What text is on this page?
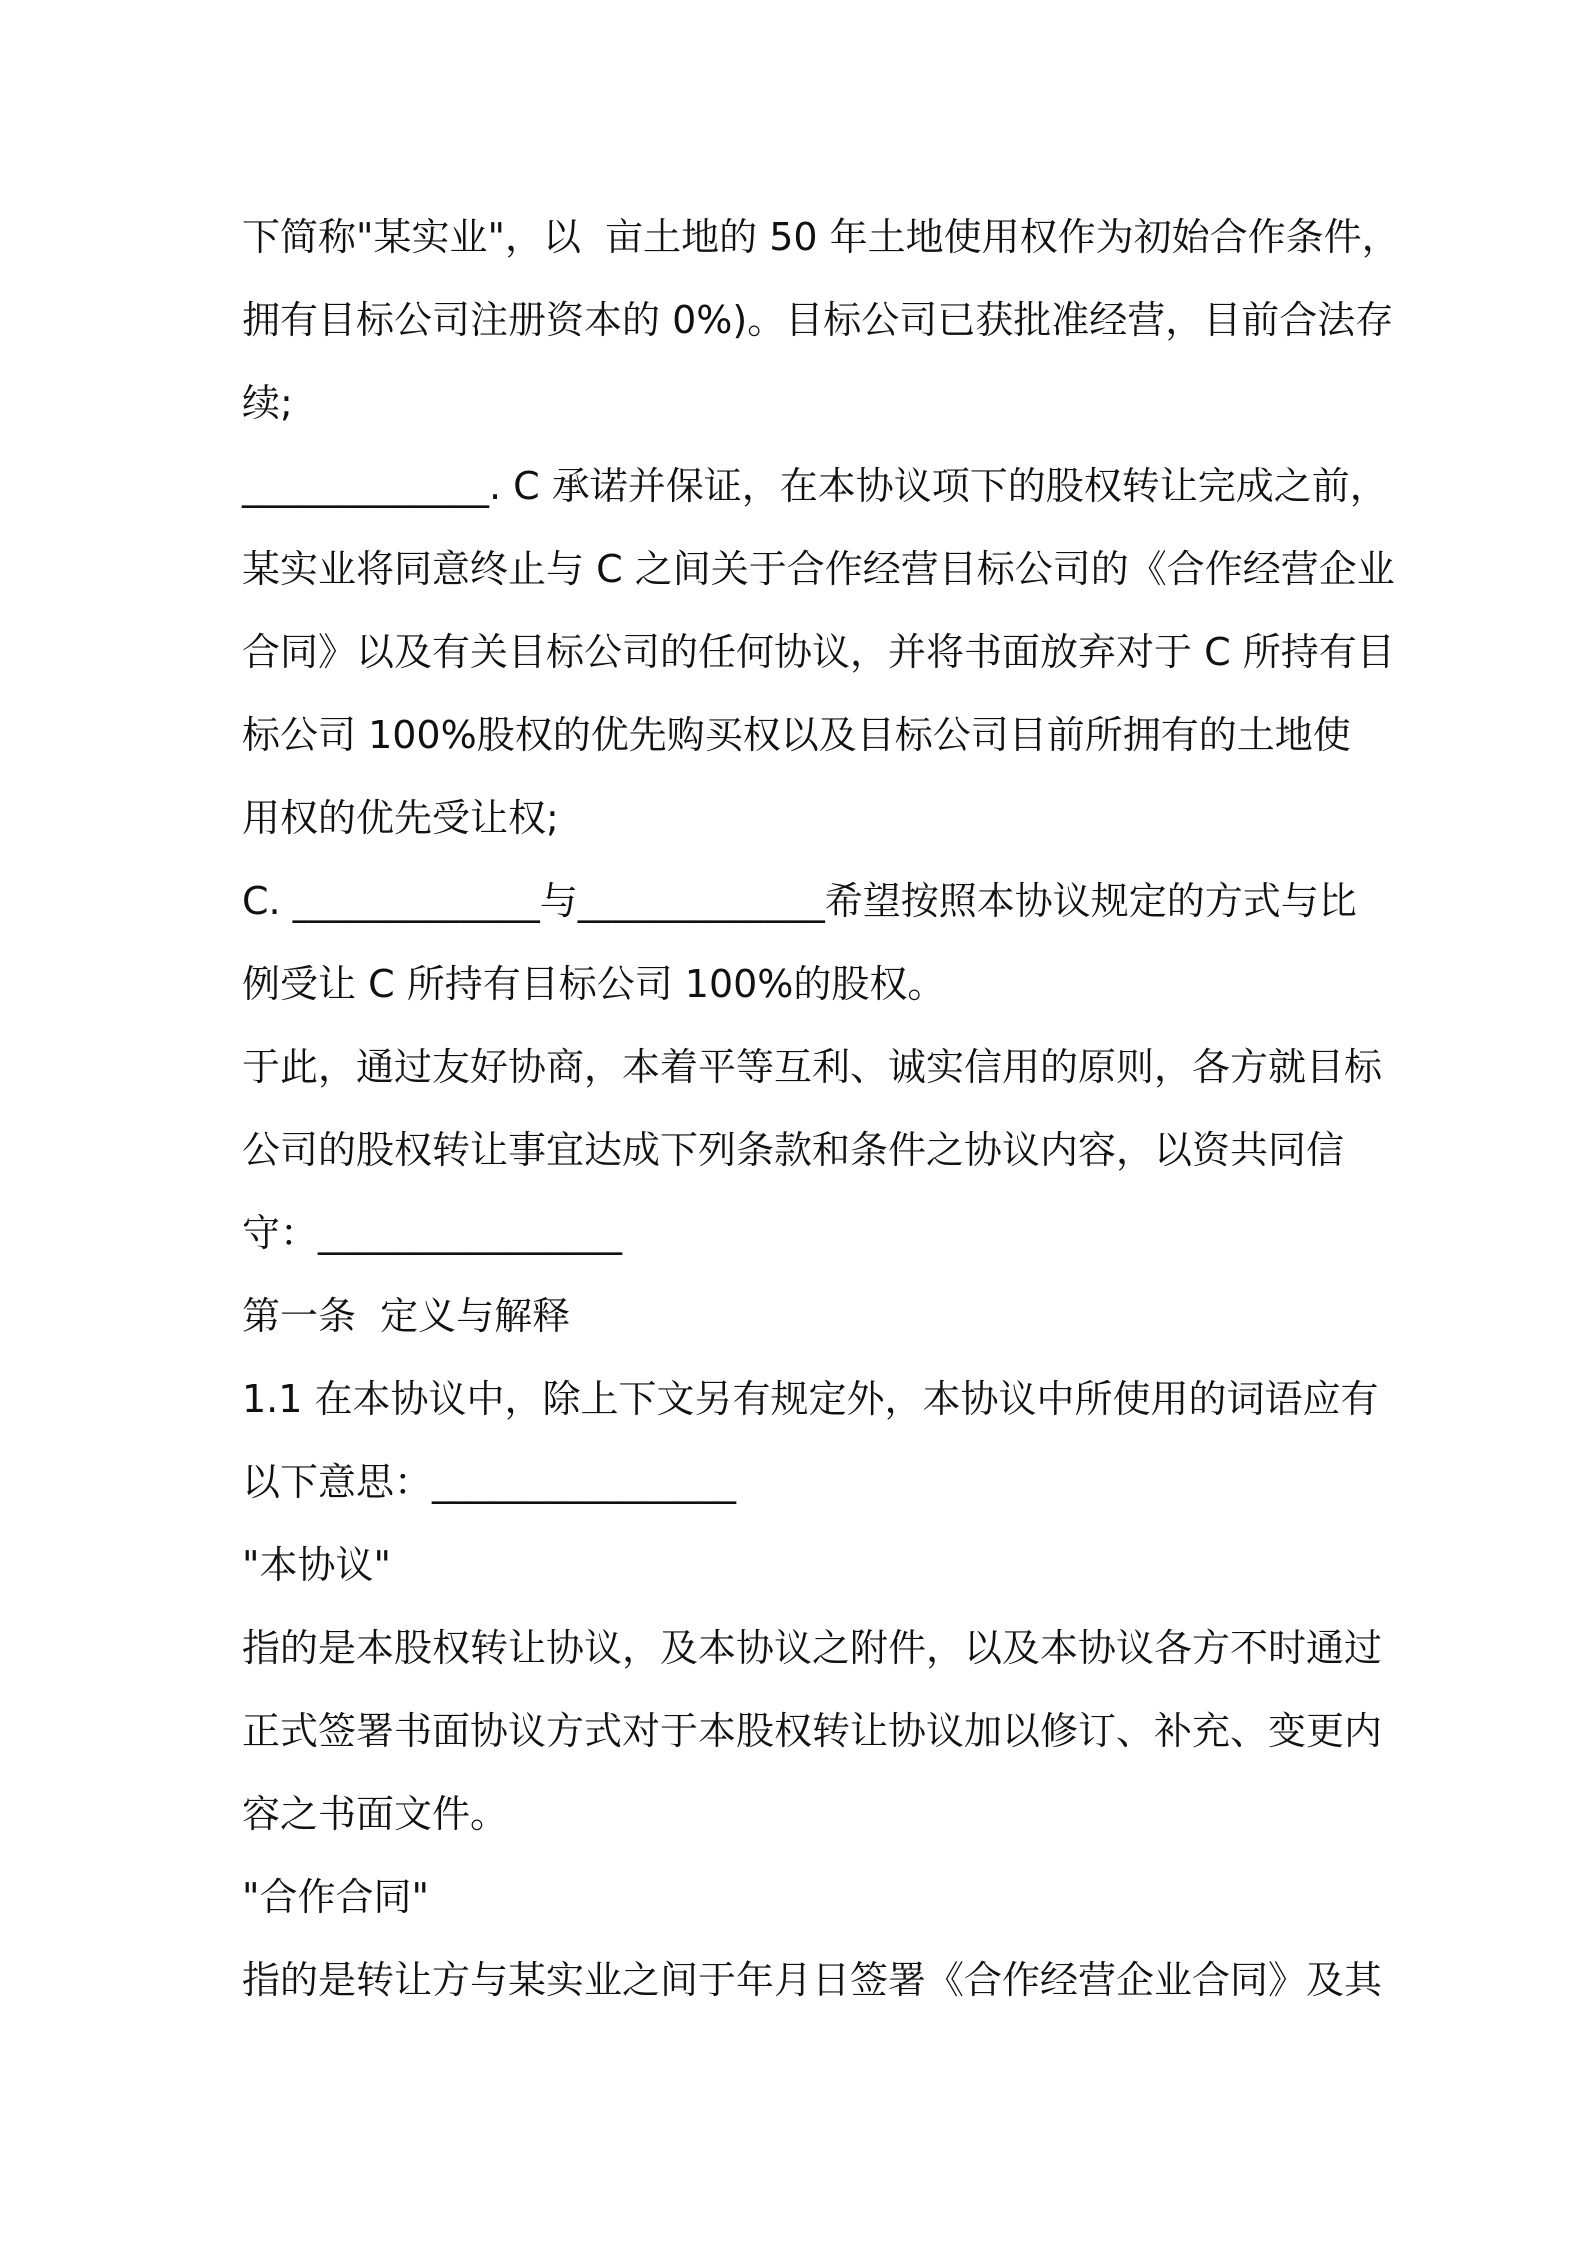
下简称"某实业"，以  亩土地的 50 年土地使用权作为初始合作条件，
拥有目标公司注册资本的 0%)。目标公司已获批准经营，目前合法存
续;
_____________. C 承诺并保证，在本协议项下的股权转让完成之前，
某实业将同意终止与 C 之间关于合作经营目标公司的《合作经营企业
合同》以及有关目标公司的任何协议，并将书面放弃对于 C 所持有目
标公司 100%股权的优先购买权以及目标公司目前所拥有的土地使
用权的优先受让权;
C. _____________与_____________希望按照本协议规定的方式与比
例受让 C 所持有目标公司 100%的股权。
于此，通过友好协商，本着平等互利、诚实信用的原则，各方就目标
公司的股权转让事宜达成下列条款和条件之协议内容，以资共同信
守：________________
第一条  定义与解释
1.1 在本协议中，除上下文另有规定外，本协议中所使用的词语应有
以下意思：________________
"本协议"
指的是本股权转让协议，及本协议之附件，以及本协议各方不时通过
正式签署书面协议方式对于本股权转让协议加以修订、补充、变更内
容之书面文件。
"合作合同"
指的是转让方与某实业之间于年月日签署《合作经营企业合同》及其
